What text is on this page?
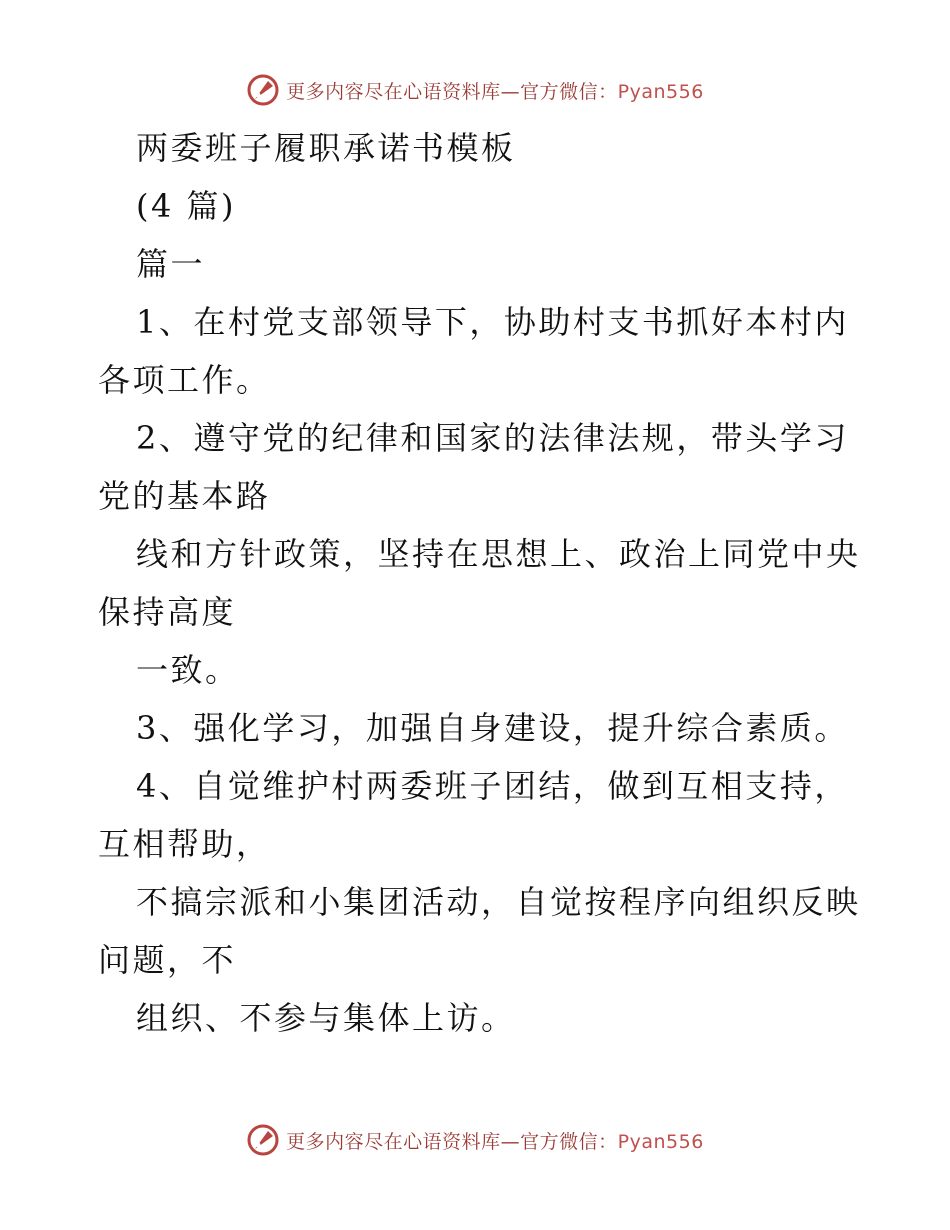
更多内容尽在心语资料库—官方微信：Pyan556
两委班子履职承诺书模板
(4 篇)
篇一
1、在村党支部领导下，协助村支书抓好本村内
各项工作。
2、遵守党的纪律和国家的法律法规，带头学习
党的基本路
线和方针政策，坚持在思想上、政治上同党中央
保持高度
一致。
3、强化学习，加强自身建设，提升综合素质。
4、自觉维护村两委班子团结，做到互相支持，
互相帮助，
不搞宗派和小集团活动，自觉按程序向组织反映
问题，不
组织、不参与集体上访。
更多内容尽在心语资料库—官方微信：Pyan556
